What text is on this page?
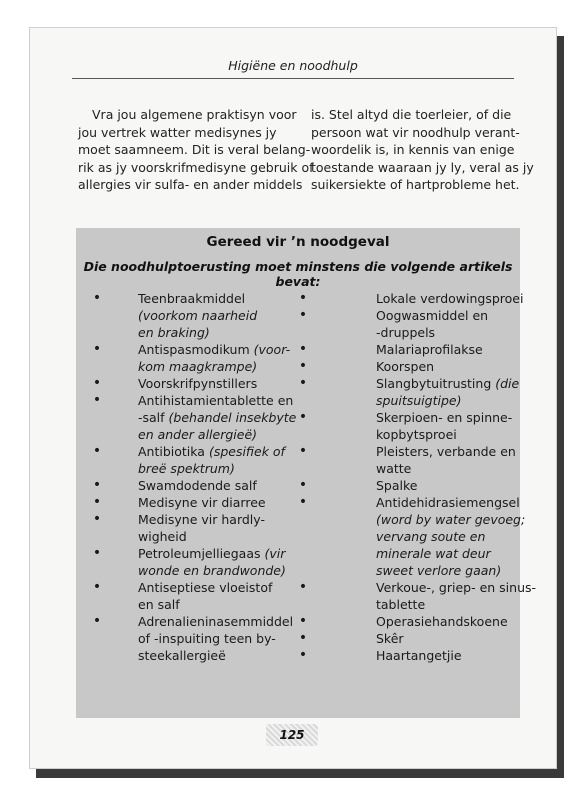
Higiëne en noodhulp
Vra jou algemene praktisyn voor
jou vertrek watter medisynes jy
moet saamneem. Dit is veral belang-
rik as jy voorskrifmedisyne gebruik of
allergies vir sulfa- en ander middels
is. Stel altyd die toerleier, of die
persoon wat vir noodhulp verant-
woordelik is, in kennis van enige
toestande waaraan jy ly, veral as jy
suikersiekte of hartprobleme het.
Gereed vir ’n noodgeval
Die noodhulptoerusting moet minstens die volgende artikels bevat:
•	Teenbraakmiddel
(voorkom naarheid
en braking)
•	Antispasmodikum (voor-
kom maagkrampe)
•	Voorskrifpynstillers
•	Antihistamientablette en
-salf (behandel insekbyte
en ander allergieë)
•	Antibiotika (spesifiek of
breë spektrum)
•	Swamdodende salf
•	Medisyne vir diarree
•	Medisyne vir hardly-
wigheid
•	Petroleumjelliegaas (vir
wonde en brandwonde)
•	Antiseptiese vloeistof
en salf
•	Adrenalieninasemmiddel
of -inspuiting teen by-
steekallergieë
•	Lokale verdowingsproei
•	Oogwasmiddel en
-druppels
•	Malariaprofilakse
•	Koorspen
•	Slangbytuitrusting (die
spuitsuigtipe)
•	Skerpioen- en spinne-
kopbytsproei
•	Pleisters, verbande en
watte
•	Spalke
•	Antidehidrasiemengsel
(word by water gevoeg;
vervang soute en
minerale wat deur
sweet verlore gaan)
•	Verkoue-, griep- en sinus-
tablette
•	Operasiehandskoene
•	Skêr
•	Haartangetjie
125
